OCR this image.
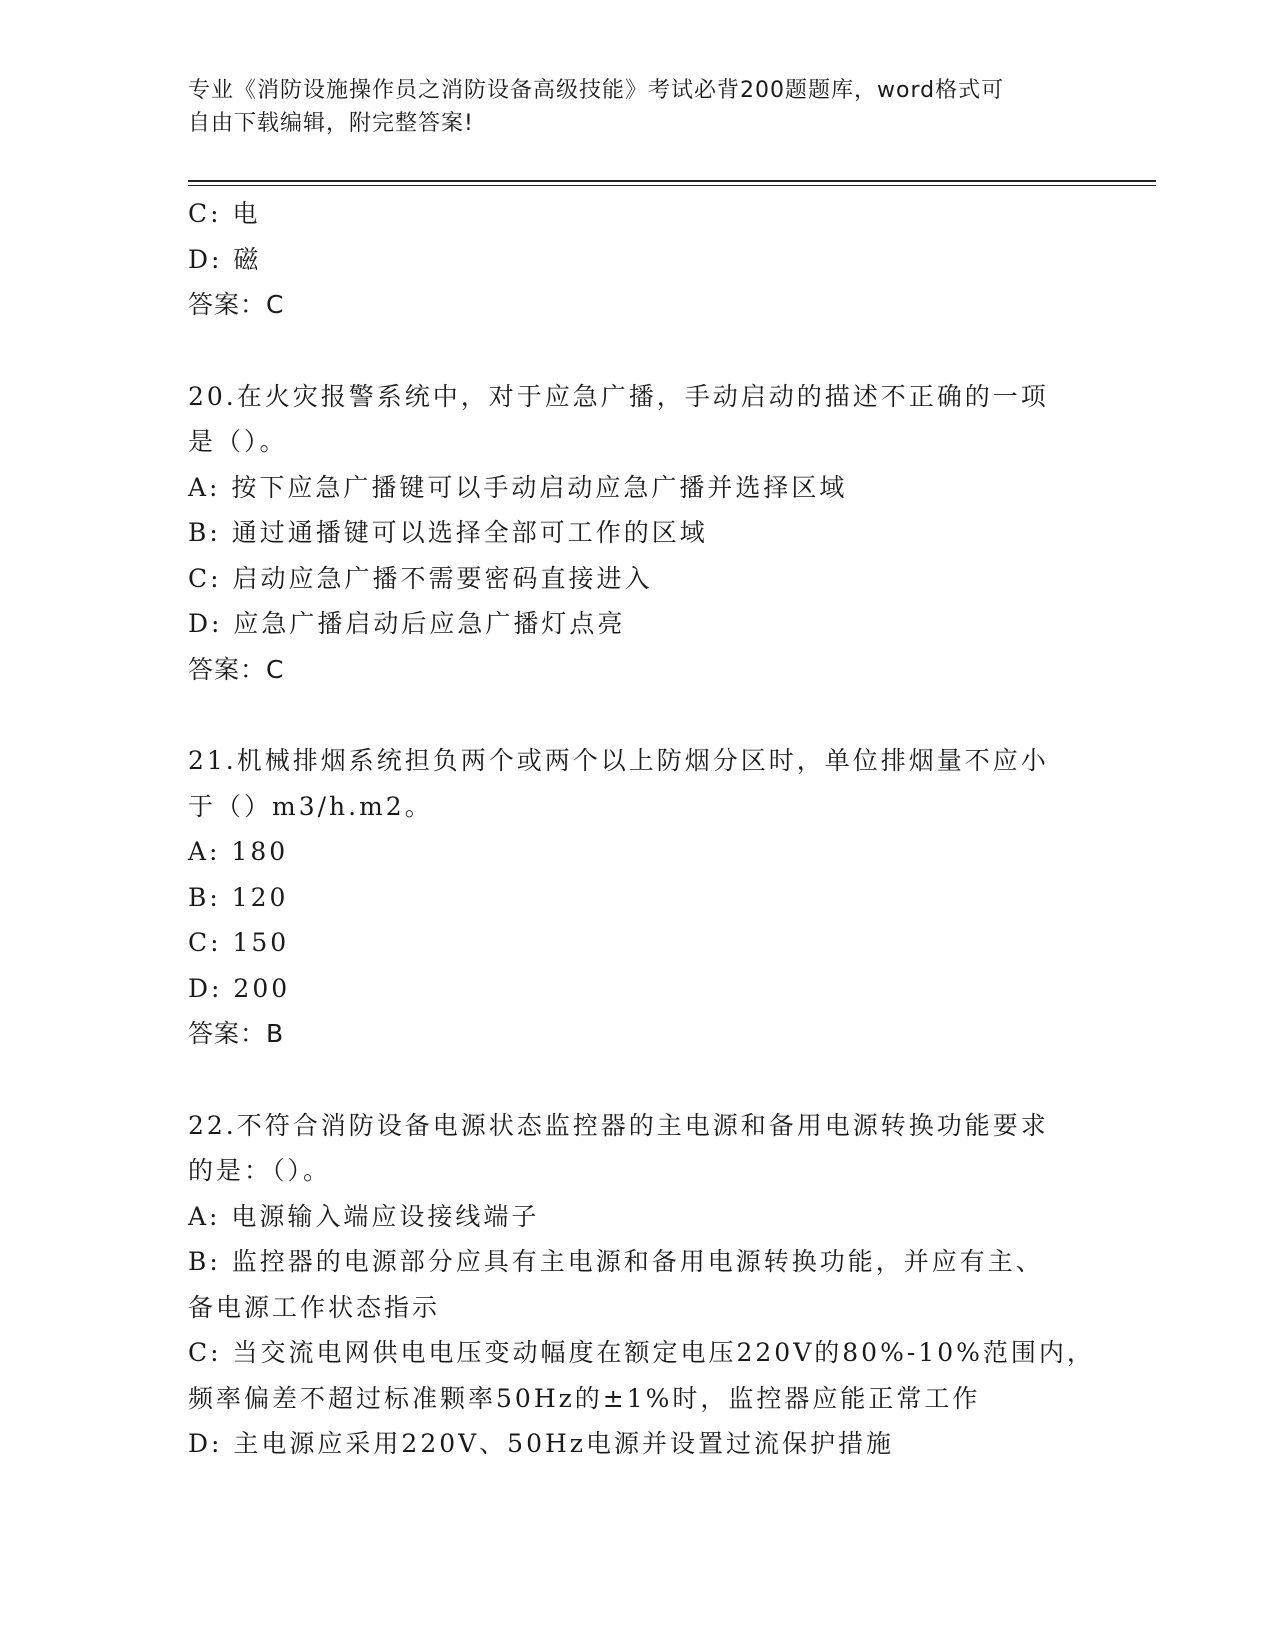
专业《消防设施操作员之消防设备高级技能》考试必背200题题库，word格式可
自由下载编辑，附完整答案!
C: 电
D: 磁
答案：C
20.在火灾报警系统中，对于应急广播，手动启动的描述不正确的一项
是（）。
A: 按下应急广播键可以手动启动应急广播并选择区域
B: 通过通播键可以选择全部可工作的区域
C: 启动应急广播不需要密码直接进入
D: 应急广播启动后应急广播灯点亮
答案：C
21.机械排烟系统担负两个或两个以上防烟分区时，单位排烟量不应小
于（）m3/h.m2。
A: 180
B: 120
C: 150
D: 200
答案：B
22.不符合消防设备电源状态监控器的主电源和备用电源转换功能要求
的是：（）。
A: 电源输入端应设接线端子
B: 监控器的电源部分应具有主电源和备用电源转换功能，并应有主、
备电源工作状态指示
C: 当交流电网供电电压变动幅度在额定电压220V的80%-10%范围内，
频率偏差不超过标准颗率50Hz的±1%时，监控器应能正常工作
D: 主电源应采用220V、50Hz电源并设置过流保护措施
